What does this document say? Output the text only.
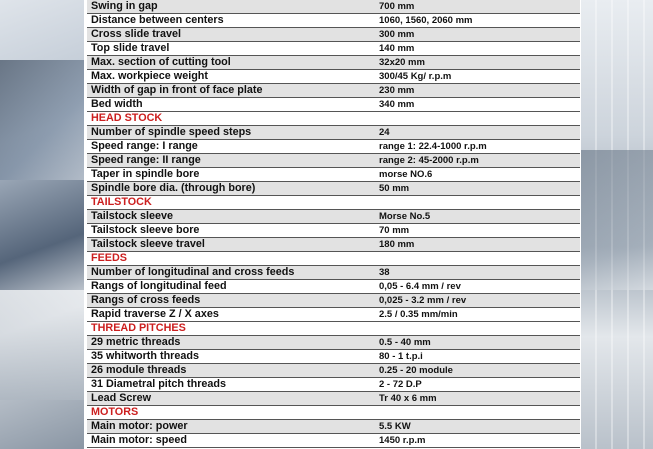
Swing in gap	700 mm
Distance between centers	1060, 1560, 2060 mm
Cross slide travel	300 mm
Top slide travel	140 mm
Max. section of cutting tool	32x20 mm
Max. workpiece weight	300/45 Kg/ r.p.m
Width of gap in front of face plate	230 mm
Bed width	340 mm
HEAD STOCK	
Number of spindle speed steps	24
Speed range: I range	range 1: 22.4-1000 r.p.m
Speed range: II range	range 2: 45-2000 r.p.m
Taper in spindle bore	morse NO.6
Spindle bore dia. (through bore)	50 mm
TAILSTOCK	
Tailstock sleeve	Morse No.5
Tailstock sleeve bore	70 mm
Tailstock sleeve travel	180 mm
FEEDS	
Number of longitudinal and cross feeds	38
Rangs of longitudinal feed	0,05 - 6.4 mm / rev
Rangs of cross feeds	0,025 - 3.2 mm / rev
Rapid traverse Z / X axes	2.5 / 0.35 mm/min
THREAD PITCHES	
29 metric threads	0.5 - 40 mm
35 whitworth threads	80 - 1 t.p.i
26 module threads	0.25 - 20 module
31 Diametral pitch threads	2 - 72 D.P
Lead Screw	Tr 40 x 6 mm
MOTORS	
Main motor: power	5.5 KW
Main motor: speed	1450 r.p.m
